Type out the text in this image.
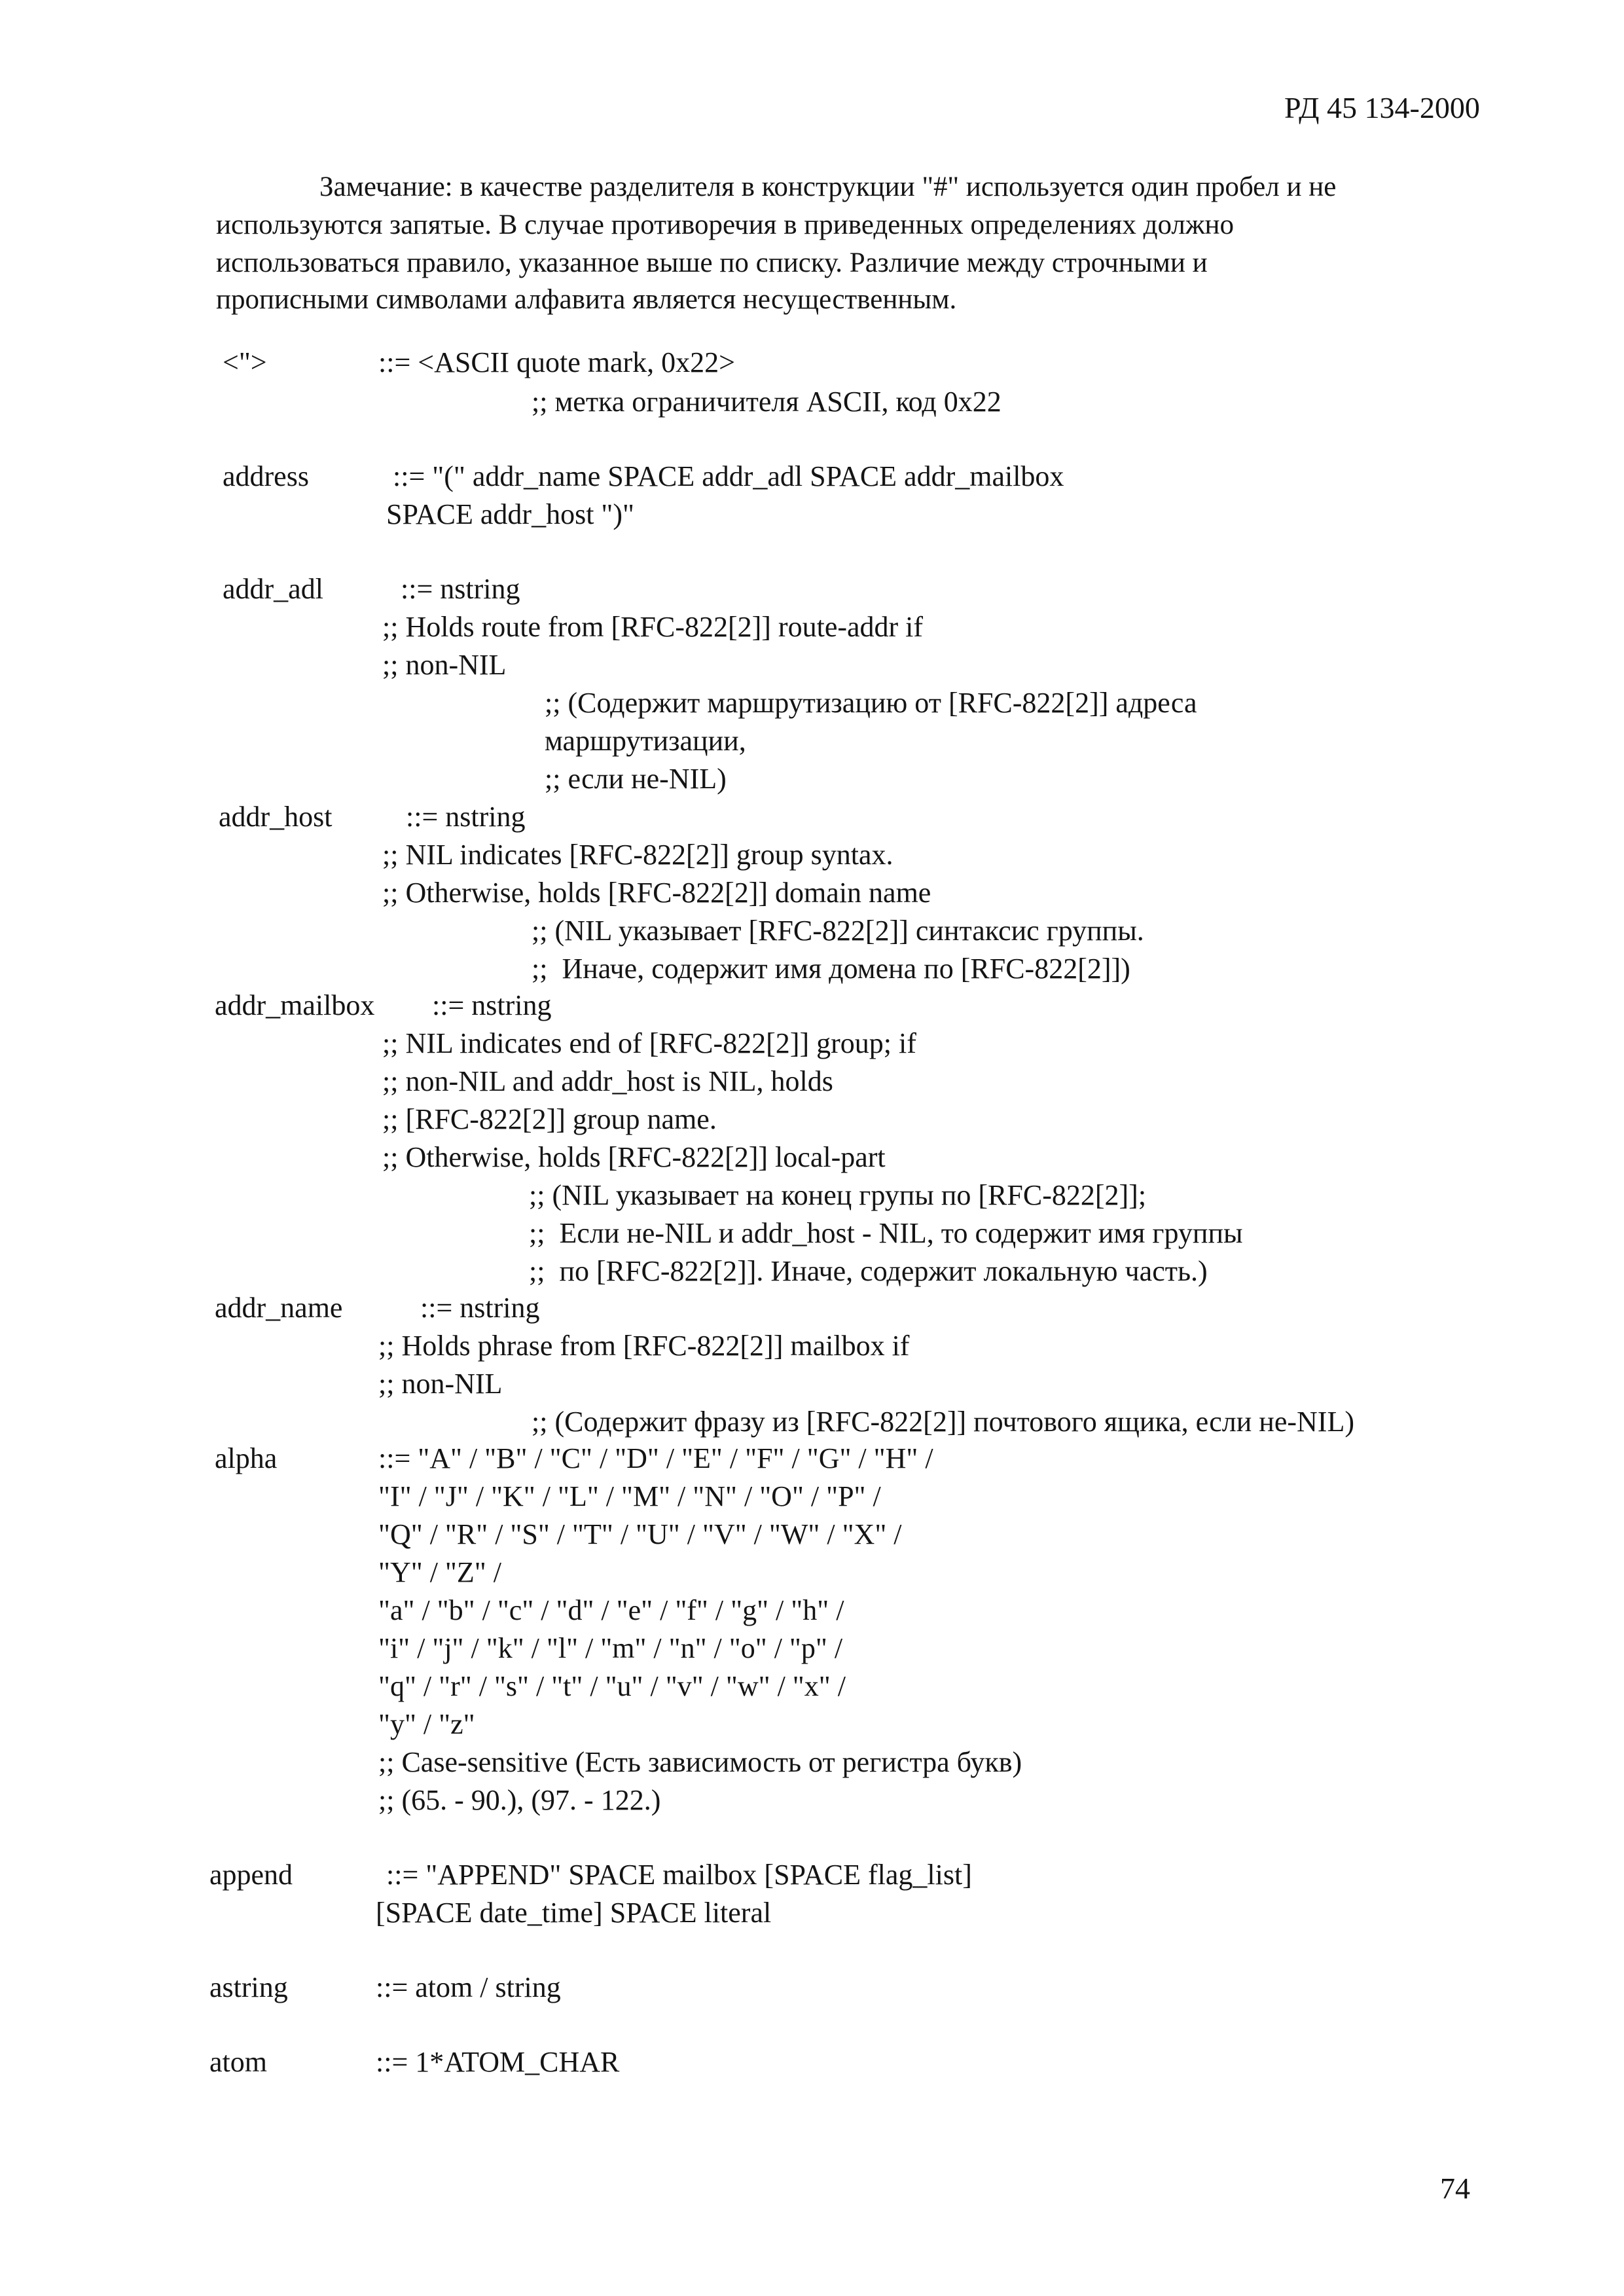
РД 45 134-2000
Замечание: в качестве разделителя в конструкции "#" используется один пробел и не
используются запятые. В случае противоречия в приведенных определениях должно
использоваться правило, указанное выше по списку. Различие между строчными и
прописными символами алфавита является несущественным.
<">	::= <ASCII quote mark, 0x22>
;; метка ограничителя ASCII, код 0x22
address	::= "(" addr_name SPACE addr_adl SPACE addr_mailbox
SPACE addr_host ")"
addr_adl	::= nstring
;; Holds route from [RFC-822[2]] route-addr if
;; non-NIL
;; (Содержит маршрутизацию от [RFC-822[2]] адреса
маршрутизации,
;; если не-NIL)
addr_host	::= nstring
;; NIL indicates [RFC-822[2]] group syntax.
;; Otherwise, holds [RFC-822[2]] domain name
;; (NIL указывает [RFC-822[2]] синтаксис группы.
;;  Иначе, содержит имя домена по [RFC-822[2]])
addr_mailbox ::= nstring
;; NIL indicates end of [RFC-822[2]] group; if
;; non-NIL and addr_host is NIL, holds
;; [RFC-822[2]] group name.
;; Otherwise, holds [RFC-822[2]] local-part
;; (NIL указывает на конец групы по [RFC-822[2]];
;;  Если не-NIL и addr_host - NIL, то содержит имя группы
;;  по [RFC-822[2]]. Иначе, содержит локальную часть.)
addr_name	::= nstring
;; Holds phrase from [RFC-822[2]] mailbox if
;; non-NIL
;; (Содержит фразу из [RFC-822[2]] почтового ящика, если не-NIL)
alpha	::= "A" / "B" / "C" / "D" / "E" / "F" / "G" / "H" /
"I" / "J" / "K" / "L" / "M" / "N" / "O" / "P" /
"Q" / "R" / "S" / "T" / "U" / "V" / "W" / "X" /
"Y" / "Z" /
"a" / "b" / "c" / "d" / "e" / "f" / "g" / "h" /
"i" / "j" / "k" / "l" / "m" / "n" / "o" / "p" /
"q" / "r" / "s" / "t" / "u" / "v" / "w" / "x" /
"y" / "z"
;; Case-sensitive (Есть зависимость от регистра букв)
;; (65. - 90.), (97. - 122.)
append	::= "APPEND" SPACE mailbox [SPACE flag_list]
[SPACE date_time] SPACE literal
astring	::= atom / string
atom	::= 1*ATOM_CHAR
74
